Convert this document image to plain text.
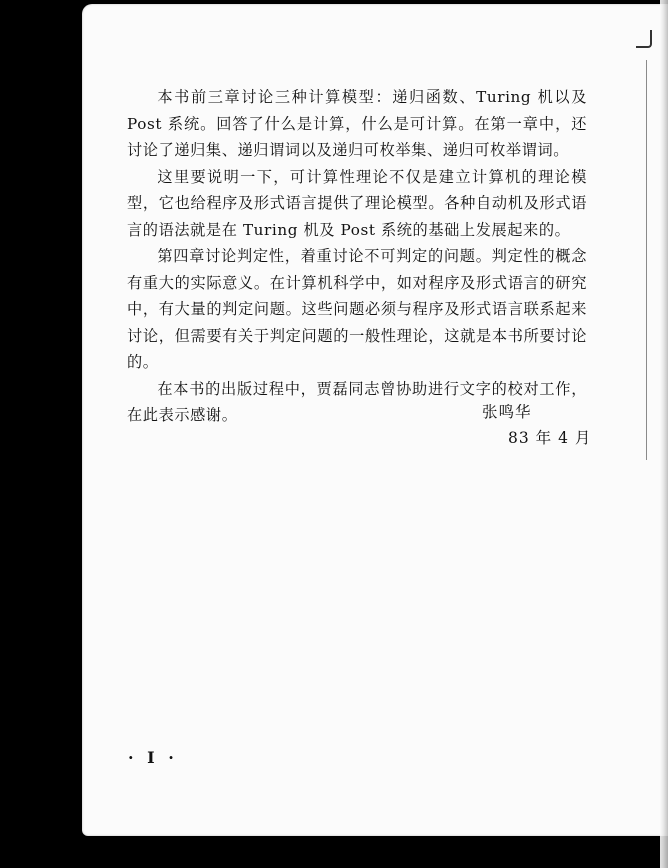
本书前三章讨论三种计算模型：递归函数、Turing 机以及 Post 系统。回答了什么是计算，什么是可计算。在第一章中，还讨论了递归集、递归谓词以及递归可枚举集、递归可枚举谓词。

这里要说明一下，可计算性理论不仅是建立计算机的理论模型，它也给程序及形式语言提供了理论模型。各种自动机及形式语言的语法就是在 Turing 机及 Post 系统的基础上发展起来的。

第四章讨论判定性，着重讨论不可判定的问题。判定性的概念有重大的实际意义。在计算机科学中，如对程序及形式语言的研究中，有大量的判定问题。这些问题必须与程序及形式语言联系起来讨论，但需要有关于判定问题的一般性理论，这就是本书所要讨论的。

在本书的出版过程中，贾磊同志曾协助进行文字的校对工作，在此表示感谢。	张鸣华
83 年 4 月
· Ⅰ ·
